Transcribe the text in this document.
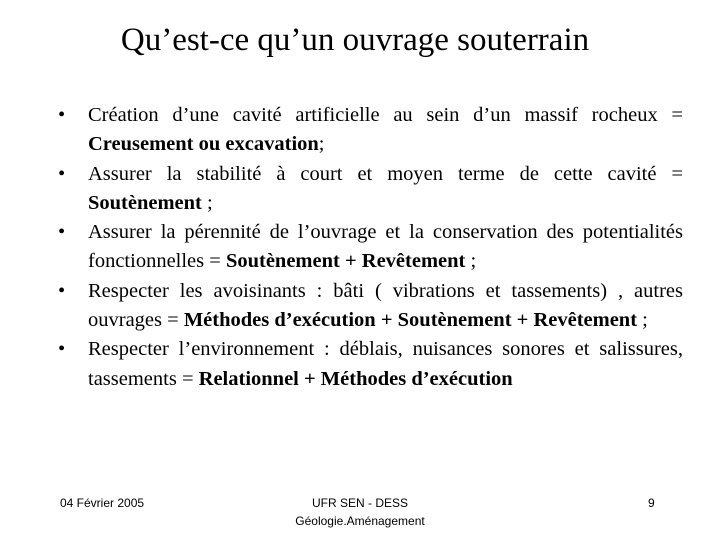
Qu’est-ce qu’un ouvrage souterrain
•	Création d’une cavité artificielle au sein d’un massif rocheux = Creusement ou excavation;
•	Assurer la stabilité à court et moyen terme de cette cavité = Soutènement ;
•	Assurer la pérennité de l’ouvrage et la conservation des potentialités fonctionnelles = Soutènement + Revêtement ;
•	Respecter les avoisinants : bâti ( vibrations et tassements) , autres ouvrages = Méthodes d’exécution + Soutènement + Revêtement ;
•	Respecter l’environnement : déblais, nuisances sonores et salissures, tassements = Relationnel + Méthodes d’exécution
04 Février 2005	UFR SEN - DESS
Géologie.Aménagement
9
